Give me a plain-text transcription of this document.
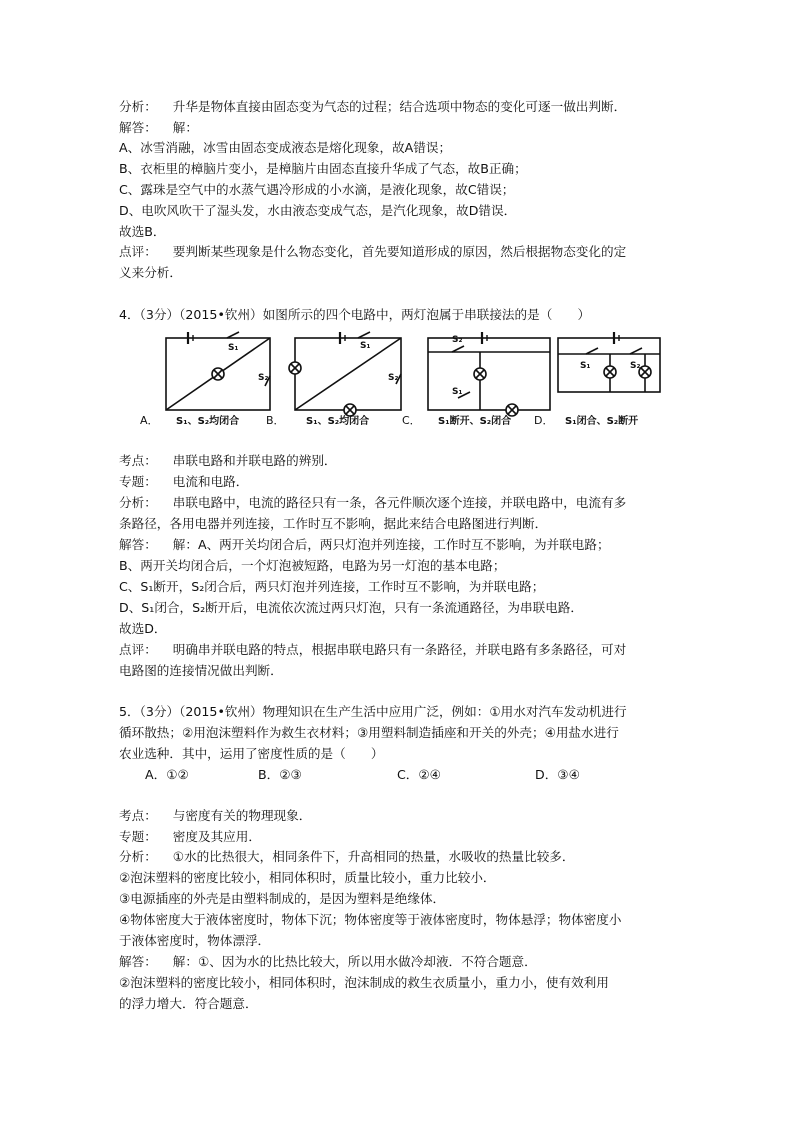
分析： 升华是物体直接由固态变为气态的过程；结合选项中物态的变化可逐一做出判断．
解答： 解：
A、冰雪消融，冰雪由固态变成液态是熔化现象，故A错误；
B、衣柜里的樟脑片变小，是樟脑片由固态直接升华成了气态，故B正确；
C、露珠是空气中的水蒸气遇冷形成的小水滴，是液化现象，故C错误；
D、电吹风吹干了湿头发，水由液态变成气态，是汽化现象，故D错误．
故选B．
点评： 要判断某些现象是什么物态变化，首先要知道形成的原因，然后根据物态变化的定
义来分析．
4．（3分）（2015•钦州）如图所示的四个电路中，两灯泡属于串联接法的是（　　）
S₁
S₂
S₁
S₂
S₂
S₁
S₁	S₂
A．	B．	C．	D．
S₁、S₂均闭合	S₁、S₂均闭合	S₁断开、S₂闭合	S₁闭合、S₂断开
考点： 串联电路和并联电路的辨别．
专题： 电流和电路．
分析： 串联电路中，电流的路径只有一条，各元件顺次逐个连接，并联电路中，电流有多
条路径，各用电器并列连接，工作时互不影响，据此来结合电路图进行判断．
解答： 解：A、两开关均闭合后，两只灯泡并列连接，工作时互不影响，为并联电路；
B、两开关均闭合后，一个灯泡被短路，电路为另一灯泡的基本电路；
C、S₁断开，S₂闭合后，两只灯泡并列连接，工作时互不影响，为并联电路；
D、S₁闭合，S₂断开后，电流依次流过两只灯泡，只有一条流通路径，为串联电路．
故选D．
点评： 明确串并联电路的特点，根据串联电路只有一条路径，并联电路有多条路径，可对
电路图的连接情况做出判断．
5．（3分）（2015•钦州）物理知识在生产生活中应用广泛，例如：①用水对汽车发动机进行
循环散热；②用泡沫塑料作为救生衣材料；③用塑料制造插座和开关的外壳；④用盐水进行
农业选种．其中，运用了密度性质的是（　　）
A．①②	B．②③	C．②④	D．③④
考点： 与密度有关的物理现象．
专题： 密度及其应用．
分析： ①水的比热很大，相同条件下，升高相同的热量，水吸收的热量比较多．
②泡沫塑料的密度比较小，相同体积时，质量比较小，重力比较小．
③电源插座的外壳是由塑料制成的，是因为塑料是绝缘体．
④物体密度大于液体密度时，物体下沉；物体密度等于液体密度时，物体悬浮；物体密度小
于液体密度时，物体漂浮．
解答： 解：①、因为水的比热比较大，所以用水做冷却液．不符合题意．
②泡沫塑料的密度比较小，相同体积时，泡沫制成的救生衣质量小，重力小，使有效利用
的浮力增大．符合题意．
